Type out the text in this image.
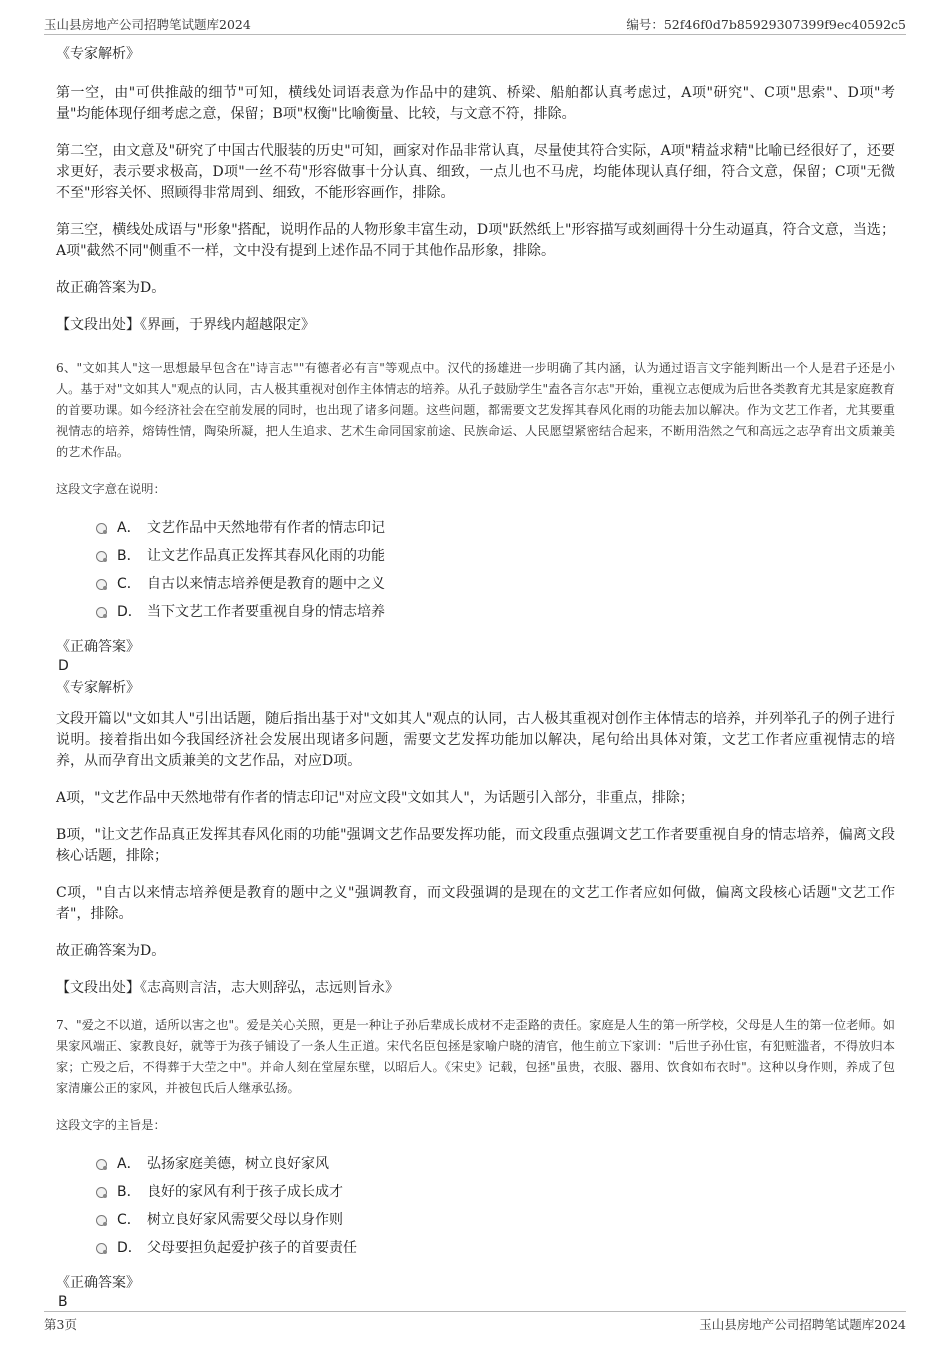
玉山县房地产公司招聘笔试题库2024	编号：52f46f0d7b85929307399f9ec40592c5

《专家解析》

第一空，由"可供推敲的细节"可知，横线处词语表意为作品中的建筑、桥梁、船舶都认真考虑过，A项"研究"、C项"思索"、D项"考量"均能体现仔细考虑之意，保留；B项"权衡"比喻衡量、比较，与文意不符，排除。

第二空，由文意及"研究了中国古代服装的历史"可知，画家对作品非常认真，尽量使其符合实际，A项"精益求精"比喻已经很好了，还要求更好，表示要求极高，D项"一丝不苟"形容做事十分认真、细致，一点儿也不马虎，均能体现认真仔细，符合文意，保留；C项"无微不至"形容关怀、照顾得非常周到、细致，不能形容画作，排除。

第三空，横线处成语与"形象"搭配，说明作品的人物形象丰富生动，D项"跃然纸上"形容描写或刻画得十分生动逼真，符合文意，当选；A项"截然不同"侧重不一样，文中没有提到上述作品不同于其他作品形象，排除。

故正确答案为D。

【文段出处】《界画，于界线内超越限定》

6、"文如其人"这一思想最早包含在"诗言志""有德者必有言"等观点中。汉代的扬雄进一步明确了其内涵，认为通过语言文字能判断出一个人是君子还是小人。基于对"文如其人"观点的认同，古人极其重视对创作主体情志的培养。从孔子鼓励学生"盍各言尔志"开始，重视立志便成为后世各类教育尤其是家庭教育的首要功课。如今经济社会在空前发展的同时，也出现了诸多问题。这些问题，都需要文艺发挥其春风化雨的功能去加以解决。作为文艺工作者，尤其要重视情志的培养，熔铸性情，陶染所凝，把人生追求、艺术生命同国家前途、民族命运、人民愿望紧密结合起来，不断用浩然之气和高远之志孕育出文质兼美的艺术作品。

这段文字意在说明：

A． 文艺作品中天然地带有作者的情志印记
B． 让文艺作品真正发挥其春风化雨的功能
C． 自古以来情志培养便是教育的题中之义
D． 当下文艺工作者要重视自身的情志培养

《正确答案》

D

《专家解析》

文段开篇以"文如其人"引出话题，随后指出基于对"文如其人"观点的认同，古人极其重视对创作主体情志的培养，并列举孔子的例子进行说明。接着指出如今我国经济社会发展出现诸多问题，需要文艺发挥功能加以解决，尾句给出具体对策，文艺工作者应重视情志的培养，从而孕育出文质兼美的文艺作品，对应D项。

A项，"文艺作品中天然地带有作者的情志印记"对应文段"文如其人"，为话题引入部分，非重点，排除；

B项，"让文艺作品真正发挥其春风化雨的功能"强调文艺作品要发挥功能，而文段重点强调文艺工作者要重视自身的情志培养，偏离文段核心话题，排除；

C项，"自古以来情志培养便是教育的题中之义"强调教育，而文段强调的是现在的文艺工作者应如何做，偏离文段核心话题"文艺工作者"，排除。

故正确答案为D。

【文段出处】《志高则言洁，志大则辞弘，志远则旨永》

7、"爱之不以道，适所以害之也"。爱是关心关照，更是一种让子孙后辈成长成材不走歪路的责任。家庭是人生的第一所学校，父母是人生的第一位老师。如果家风端正、家教良好，就等于为孩子铺设了一条人生正道。宋代名臣包拯是家喻户晓的清官，他生前立下家训："后世子孙仕宦，有犯赃滥者，不得放归本家；亡殁之后，不得葬于大茔之中"。并命人刻在堂屋东壁，以昭后人。《宋史》记载，包拯"虽贵，衣服、器用、饮食如布衣时"。这种以身作则，养成了包家清廉公正的家风，并被包氏后人继承弘扬。

这段文字的主旨是：

A． 弘扬家庭美德，树立良好家风
B． 良好的家风有利于孩子成长成才
C． 树立良好家风需要父母以身作则
D． 父母要担负起爱护孩子的首要责任

《正确答案》

B

第3页	玉山县房地产公司招聘笔试题库2024
